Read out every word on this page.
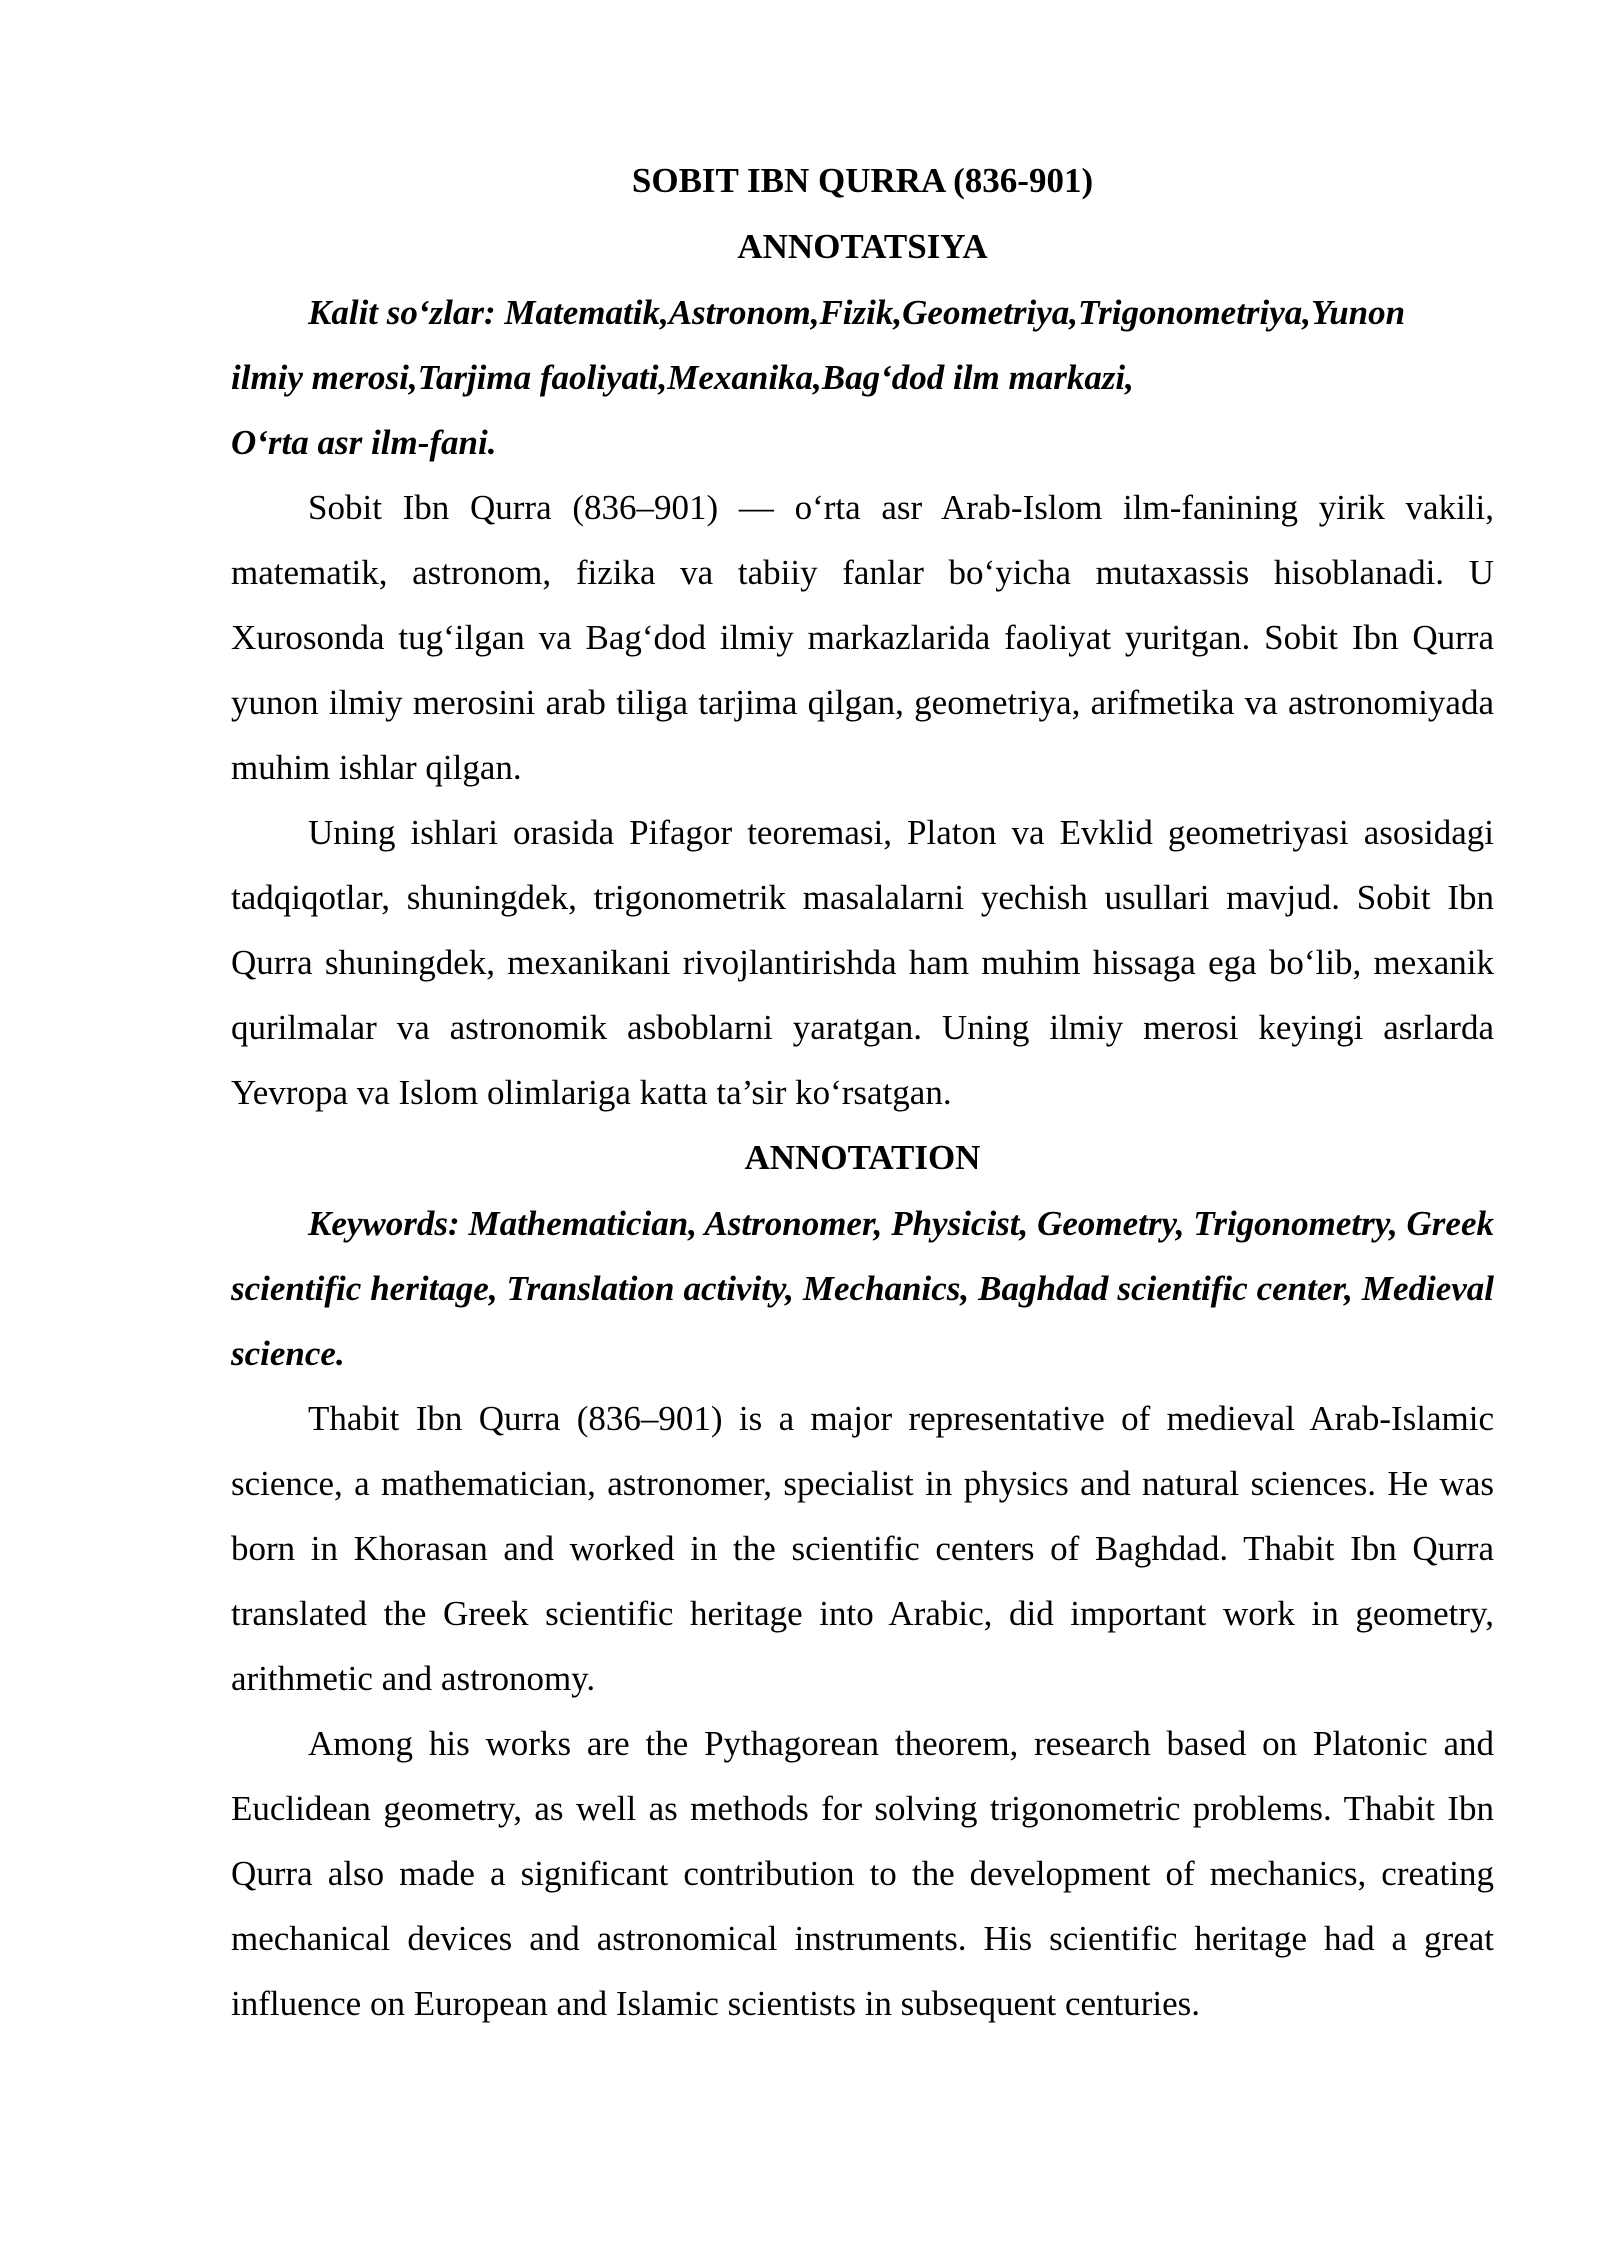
SOBIT IBN QURRA (836-901)

ANNOTATSIYA

Kalit so‘zlar: Matematik,Astronom,Fizik,Geometriya,Trigonometriya,Yunon
ilmiy merosi,Tarjima faoliyati,Mexanika,Bag‘dod ilm markazi,
O‘rta asr ilm-fani.

Sobit Ibn Qurra (836–901) — o‘rta asr Arab-Islom ilm-fanining yirik vakili, matematik, astronom, fizika va tabiiy fanlar bo‘yicha mutaxassis hisoblanadi. U Xurosonda tug‘ilgan va Bag‘dod ilmiy markazlarida faoliyat yuritgan. Sobit Ibn Qurra yunon ilmiy merosini arab tiliga tarjima qilgan, geometriya, arifmetika va astronomiyada muhim ishlar qilgan.

Uning ishlari orasida Pifagor teoremasi, Platon va Evklid geometriyasi asosidagi tadqiqotlar, shuningdek, trigonometrik masalalarni yechish usullari mavjud. Sobit Ibn Qurra shuningdek, mexanikani rivojlantirishda ham muhim hissaga ega bo‘lib, mexanik qurilmalar va astronomik asboblarni yaratgan. Uning ilmiy merosi keyingi asrlarda Yevropa va Islom olimlariga katta ta’sir ko‘rsatgan.

ANNOTATION

Keywords: Mathematician, Astronomer, Physicist, Geometry, Trigonometry, Greek scientific heritage, Translation activity, Mechanics, Baghdad scientific center, Medieval science.

Thabit Ibn Qurra (836–901) is a major representative of medieval Arab-Islamic science, a mathematician, astronomer, specialist in physics and natural sciences. He was born in Khorasan and worked in the scientific centers of Baghdad. Thabit Ibn Qurra translated the Greek scientific heritage into Arabic, did important work in geometry, arithmetic and astronomy.

Among his works are the Pythagorean theorem, research based on Platonic and Euclidean geometry, as well as methods for solving trigonometric problems. Thabit Ibn Qurra also made a significant contribution to the development of mechanics, creating mechanical devices and astronomical instruments. His scientific heritage had a great influence on European and Islamic scientists in subsequent centuries.
